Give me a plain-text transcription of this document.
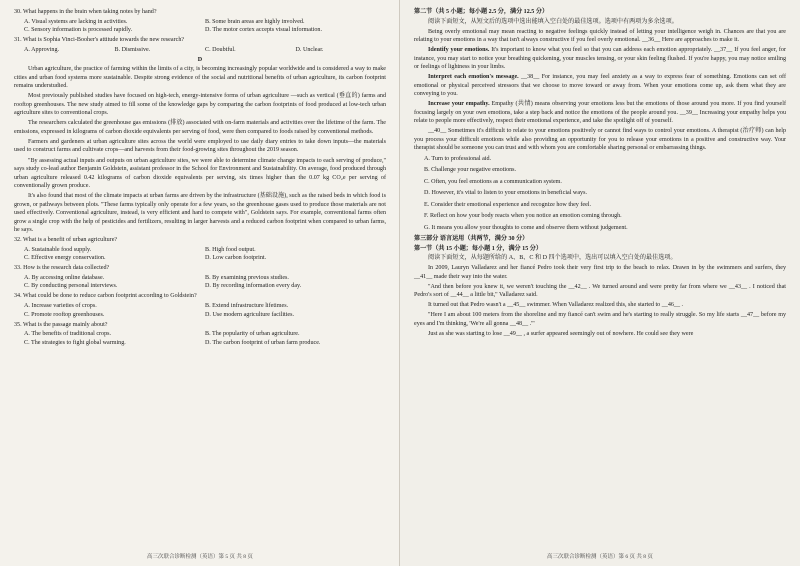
30. What happens in the brain when taking notes by hand?

A. Visual systems are lacking in activities.	B. Some brain areas are highly involved.
C. Sensory information is processed rapidly.	D. The motor cortex accepts visual information.

31. What is Sophia Vinci-Booher's attitude towards the new research?

A. Approving.	B. Dismissive.	C. Doubtful.	D. Unclear.
D

Urban agriculture, the practice of farming within the limits of a city, is becoming increasingly popular worldwide and is considered a way to make cities and urban food systems more sustainable. Despite strong evidence of the social and nutritional benefits of urban agriculture, its carbon footprint remains understudied.

Most previously published studies have focused on high-tech, energy-intensive forms of urban agriculture —such as vertical (垂直的) farms and rooftop greenhouses. The new study aimed to fill some of the knowledge gaps by comparing the carbon footprints of food produced at low-tech urban agriculture sites to conventional crops.

The researchers calculated the greenhouse gas emissions (排放) associated with on-farm materials and activities over the lifetime of the farm. The emissions, expressed in kilograms of carbon dioxide equivalents per serving of food, were then compared to foods raised by conventional methods.

Farmers and gardeners at urban agriculture sites across the world were employed to use daily diary entries to take down inputs—the materials used to construct farms and cultivate crops—and harvests from their food-growing sites throughout the 2019 season.

"By assessing actual inputs and outputs on urban agriculture sites, we were able to determine climate change impacts to each serving of produce," says study co-lead author Benjamin Goldstein, assistant professor in the School for Environment and Sustainability. On average, food produced through urban agriculture released 0.42 kilograms of carbon dioxide equivalents per serving, six times higher than the 0.07 kg CO₂e per serving of conventionally grown produce.

It's also found that most of the climate impacts at urban farms are driven by the infrastructure (基础设施), such as the raised beds in which food is grown, or pathways between plots. "These farms typically only operate for a few years, so the greenhouse gases used to produce those materials are not used effectively. Conventional agriculture, instead, is very efficient and hard to compete with", Goldstein says. For example, conventional farms often grow a single crop with the help of pesticides and fertilizers, resulting in larger harvests and a reduced carbon footprint when compared to urban farms, he says.

32. What is a benefit of urban agriculture?

A. Sustainable food supply.	B. High food output.
C. Effective energy conservation.	D. Low carbon footprint.

33. How is the research data collected?

A. By accessing online database.	B. By examining previous studies.
C. By conducting personal interviews.	D. By recording information every day.

34. What could be done to reduce carbon footprint according to Goldstein?

A. Increase varieties of crops.	B. Extend infrastructure lifetimes.
C. Promote rooftop greenhouses.	D. Use modern agriculture facilities.

35. What is the passage mainly about?

A. The benefits of traditional crops.	B. The popularity of urban agriculture.
C. The strategies to fight global warming.	D. The carbon footprint of urban farm produce.
高三次联合诊断检测（英语）第 5 页 共 8 页

第二节（共 5 小题；每小题 2.5 分，满分 12.5 分）

阅读下面短文，从短文后的选项中选出能填入空白处的最佳选项。选项中有两项为多余选项。

Being overly emotional may mean reacting to negative feelings quickly instead of letting your intelligence weigh in. Chances are that you are relating to your emotions in a way that isn't always constructive if you feel overly emotional. __36__ Here are approaches to make it.

Identify your emotions. It's important to know what you feel so that you can address each emotion appropriately. __37__ If you feel anger, for instance, you may start to notice your breathing quickening, your muscles tensing, or your skin feeling flushed. If you're happy, you may notice smiling or feelings of lightness in your limbs.

Interpret each emotion's message. __38__ For instance, you may feel anxiety as a way to express fear of something. Emotions can set off emotional or physical perceived stressors that we choose to move toward or away from. When your emotions come up, ask them what they are conveying to you.

Increase your empathy. Empathy (共情) means observing your emotions less but the emotions of those around you more. If you find yourself focusing largely on your own emotions, take a step back and notice the emotions of the people around you. __39__ Increasing your empathy helps you relate to people more effectively, respect their emotional experience, and take the spotlight off of yourself.

__40__ Sometimes it's difficult to relate to your emotions positively or cannot find ways to control your emotions. A therapist (治疗师) can help you process your difficult emotions while also providing an opportunity for you to release your emotions in a positive and constructive way. Your therapist should be someone you can trust and with whom you are comfortable sharing personal or embarrassing things.

A. Turn to professional aid.

B. Challenge your negative emotions.

C. Often, you feel emotions as a communication system.

D. However, it's vital to listen to your emotions in beneficial ways.

E. Consider their emotional experience and recognize how they feel.

F. Reflect on how your body reacts when you notice an emotion coming through.

G. It means you allow your thoughts to come and observe them without judgement.

第三部分 语言运用（共两节，满分 30 分）

第一节（共 15 小题；每小题 1 分，满分 15 分）

阅读下面短文，从每题所给的 A、B、C 和 D 四个选项中，选出可以填入空白处的最佳选项。

In 2009, Lauryn Valladarez and her fiancé Pedro took their very first trip to the beach to relax. Drawn in by the swimmers and surfers, they __41__ made their way into the water.

"And then before you knew it, we weren't touching the __42__ . We turned around and were pretty far from where we __43__ . I noticed that Pedro's sort of __44__ a little bit," Valladarez said.

It turned out that Pedro wasn't a __45__ swimmer. When Valladarez realized this, she started to __46__ .

"Here I am about 100 meters from the shoreline and my fiancé can't swim and he's starting to really struggle. So my life starts __47__ before my eyes and I'm thinking, 'We're all gonna __48__ .'"

Just as she was starting to lose __49__ , a surfer appeared seemingly out of nowhere. He could see they were

高三次联合诊断检测（英语）第 6 页 共 8 页
